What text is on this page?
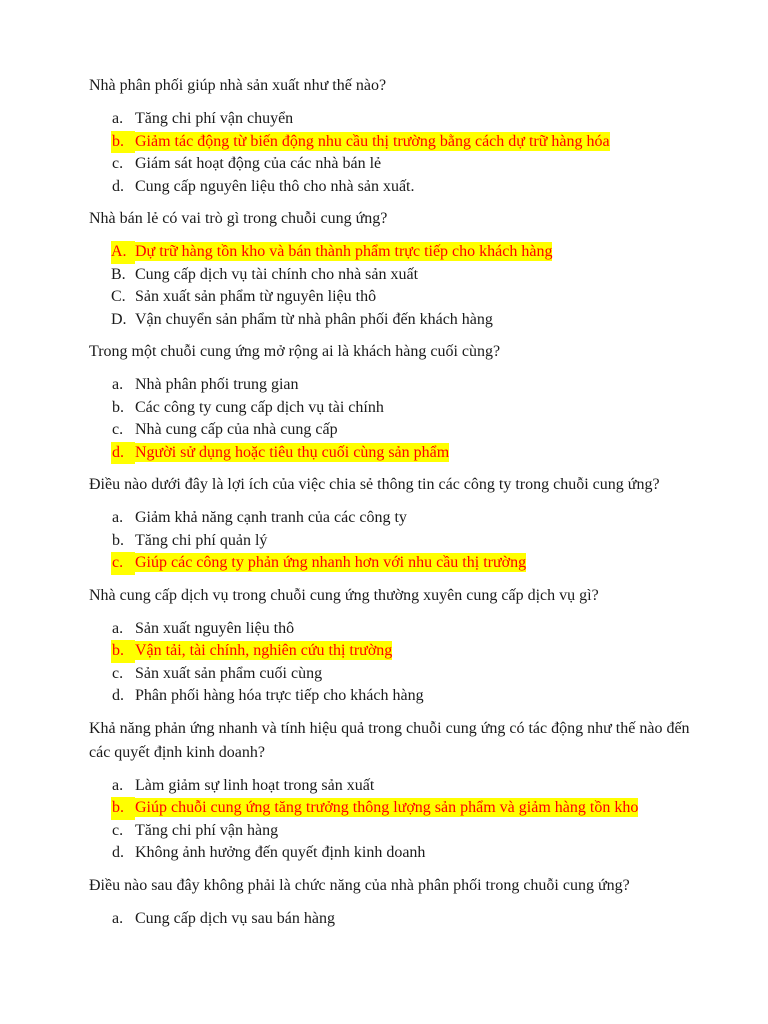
Nhà phân phối giúp nhà sản xuất như thế nào?

a. Tăng chi phí vận chuyển
b. Giảm tác động từ biến động nhu cầu thị trường bằng cách dự trữ hàng hóa
c. Giám sát hoạt động của các nhà bán lẻ
d. Cung cấp nguyên liệu thô cho nhà sản xuất.

Nhà bán lẻ có vai trò gì trong chuỗi cung ứng?

A. Dự trữ hàng tồn kho và bán thành phẩm trực tiếp cho khách hàng
B. Cung cấp dịch vụ tài chính cho nhà sản xuất
C. Sản xuất sản phẩm từ nguyên liệu thô
D. Vận chuyển sản phẩm từ nhà phân phối đến khách hàng

Trong một chuỗi cung ứng mở rộng ai là khách hàng cuối cùng?

a. Nhà phân phối trung gian
b. Các công ty cung cấp dịch vụ tài chính
c. Nhà cung cấp của nhà cung cấp
d. Người sử dụng hoặc tiêu thụ cuối cùng sản phẩm

Điều nào dưới đây là lợi ích của việc chia sẻ thông tin các công ty trong chuỗi cung ứng?

a. Giảm khả năng cạnh tranh của các công ty
b. Tăng chi phí quản lý
c. Giúp các công ty phản ứng nhanh hơn với nhu cầu thị trường

Nhà cung cấp dịch vụ trong chuỗi cung ứng thường xuyên cung cấp dịch vụ gì?

a. Sản xuất nguyên liệu thô
b. Vận tải, tài chính, nghiên cứu thị trường
c. Sản xuất sản phẩm cuối cùng
d. Phân phối hàng hóa trực tiếp cho khách hàng

Khả năng phản ứng nhanh và tính hiệu quả trong chuỗi cung ứng có tác động như thế nào đến các quyết định kinh doanh?

a. Làm giảm sự linh hoạt trong sản xuất
b. Giúp chuỗi cung ứng tăng trưởng thông lượng sản phẩm và giảm hàng tồn kho
c. Tăng chi phí vận hàng
d. Không ảnh hưởng đến quyết định kinh doanh

Điều nào sau đây không phải là chức năng của nhà phân phối trong chuỗi cung ứng?

a. Cung cấp dịch vụ sau bán hàng
